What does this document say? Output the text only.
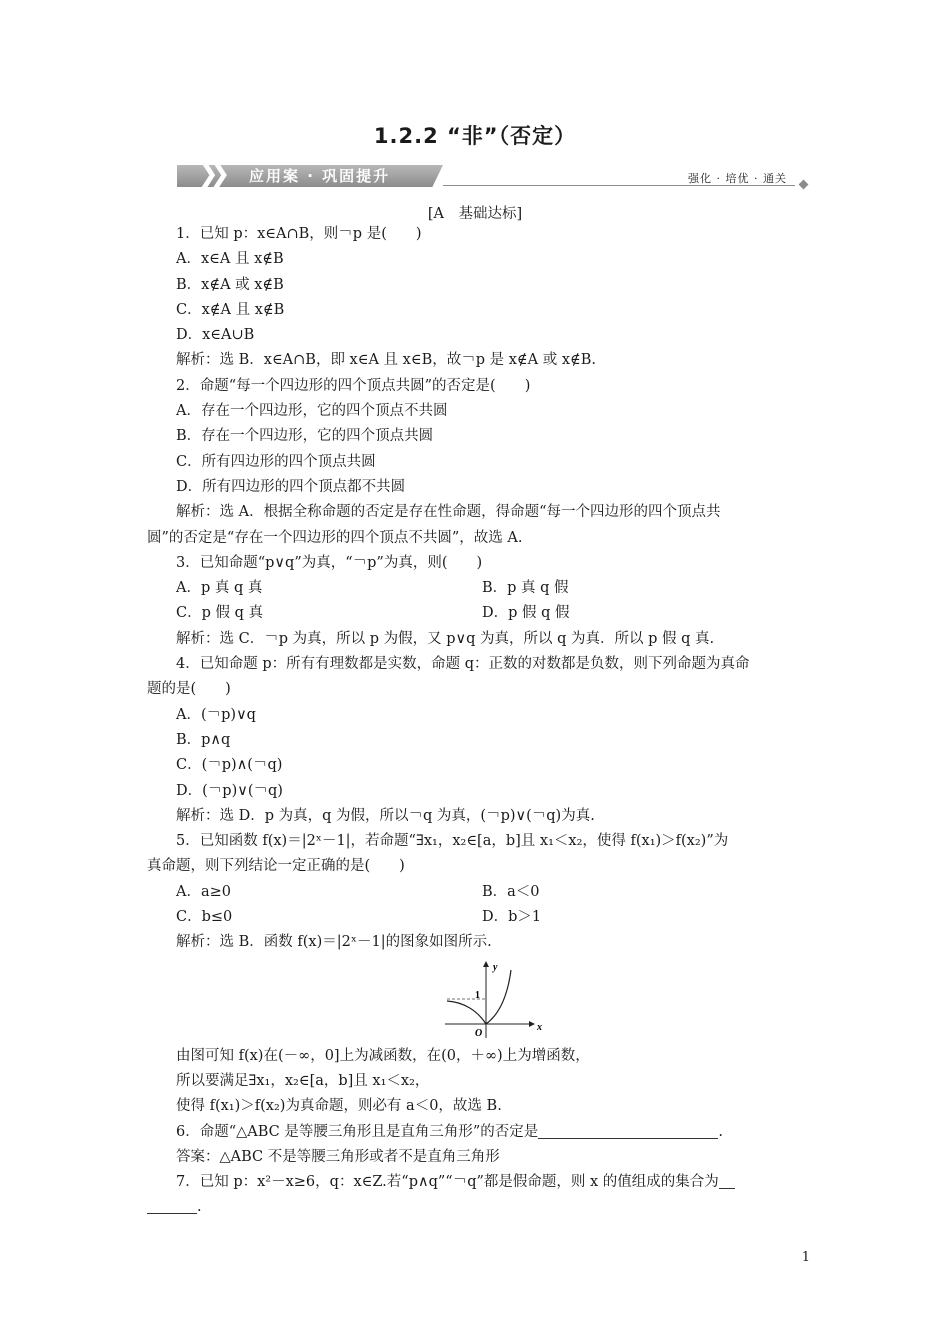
1.2.2 “非”（否定）
❯❯ 应用案 · 巩固提升	强化 · 培优 · 通关
[A　基础达标]
1．已知 p：x∈A∩B，则￢p 是(　　)
A．x∈A 且 x∉B
B．x∉A 或 x∉B
C．x∉A 且 x∉B
D．x∈A∪B
解析：选 B．x∈A∩B，即 x∈A 且 x∈B，故￢p 是 x∉A 或 x∉B.
2．命题“每一个四边形的四个顶点共圆”的否定是(　　)
A．存在一个四边形，它的四个顶点不共圆
B．存在一个四边形，它的四个顶点共圆
C．所有四边形的四个顶点共圆
D．所有四边形的四个顶点都不共圆
解析：选 A．根据全称命题的否定是存在性命题，得命题“每一个四边形的四个顶点共
圆”的否定是“存在一个四边形的四个顶点不共圆”，故选 A.
3．已知命题“p∨q”为真，“￢p”为真，则(　　)
A．p 真 q 真	B．p 真 q 假
C．p 假 q 真	D．p 假 q 假
解析：选 C．￢p 为真，所以 p 为假，又 p∨q 为真，所以 q 为真．所以 p 假 q 真.
4．已知命题 p：所有有理数都是实数，命题 q：正数的对数都是负数，则下列命题为真命
题的是(　　)
A．(￢p)∨q
B．p∧q
C．(￢p)∧(￢q)
D．(￢p)∨(￢q)
解析：选 D．p 为真，q 为假，所以￢q 为真，(￢p)∨(￢q)为真.
5．已知函数 f(x)＝|2ˣ－1|，若命题“∃x₁，x₂∈[a，b]且 x₁＜x₂，使得 f(x₁)＞f(x₂)”为
真命题，则下列结论一定正确的是(　　)
A．a≥0	B．a＜0
C．b≤0	D．b＞1
解析：选 B．函数 f(x)＝|2ˣ－1|的图象如图所示.
y
x
1
O
由图可知 f(x)在(－∞，0]上为减函数，在(0，＋∞)上为增函数，
所以要满足∃x₁，x₂∈[a，b]且 x₁＜x₂，
使得 f(x₁)＞f(x₂)为真命题，则必有 a＜0，故选 B.
6．命题“△ABC 是等腰三角形且是直角三角形”的否定是	.
答案：△ABC 不是等腰三角形或者不是直角三角形
7．已知 p：x²－x≥6，q：x∈Z.若“p∧q”“￢q”都是假命题，则 x 的值组成的集合为
.
1
